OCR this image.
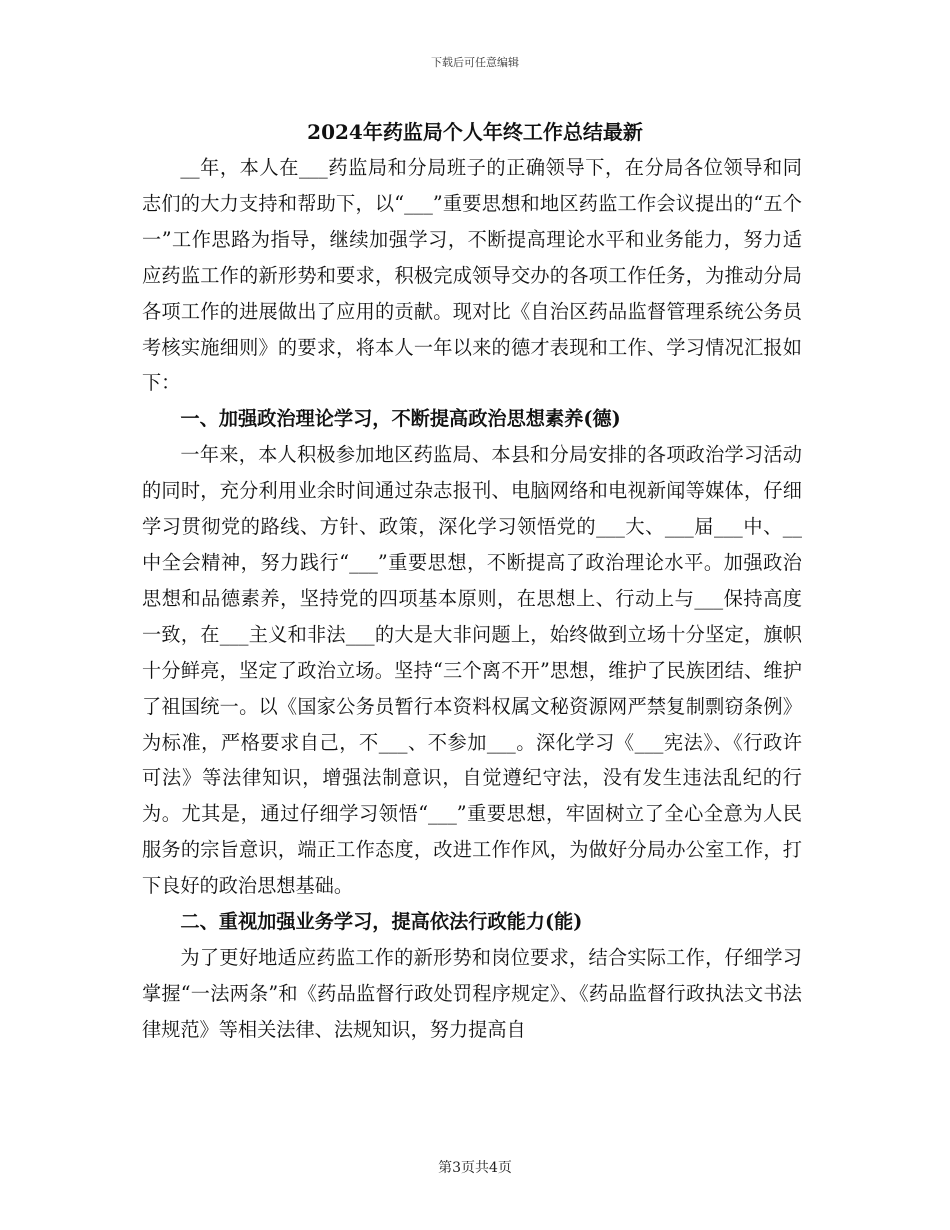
下载后可任意编辑
2024年药监局个人年终工作总结最新

__年，本人在___药监局和分局班子的正确领导下，在分局各位领导和同志们的大力支持和帮助下，以“___”重要思想和地区药监工作会议提出的“五个一”工作思路为指导，继续加强学习，不断提高理论水平和业务能力，努力适应药监工作的新形势和要求，积极完成领导交办的各项工作任务，为推动分局各项工作的进展做出了应用的贡献。现对比《自治区药品监督管理系统公务员考核实施细则》的要求，将本人一年以来的德才表现和工作、学习情况汇报如下：

一、加强政治理论学习，不断提高政治思想素养(德)

一年来，本人积极参加地区药监局、本县和分局安排的各项政治学习活动的同时，充分利用业余时间通过杂志报刊、电脑网络和电视新闻等媒体，仔细学习贯彻党的路线、方针、政策，深化学习领悟党的___大、___届___中、__中全会精神，努力践行“___”重要思想，不断提高了政治理论水平。加强政治思想和品德素养，坚持党的四项基本原则，在思想上、行动上与___保持高度一致，在___主义和非法___的大是大非问题上，始终做到立场十分坚定，旗帜十分鲜亮，坚定了政治立场。坚持“三个离不开”思想，维护了民族团结、维护了祖国统一。以《国家公务员暂行本资料权属文秘资源网严禁复制剽窃条例》为标准，严格要求自己，不___、不参加___。深化学习《___宪法》、《行政许可法》等法律知识，增强法制意识，自觉遵纪守法，没有发生违法乱纪的行为。尤其是，通过仔细学习领悟“___”重要思想，牢固树立了全心全意为人民服务的宗旨意识，端正工作态度，改进工作作风，为做好分局办公室工作，打下良好的政治思想基础。

二、重视加强业务学习，提高依法行政能力(能)

为了更好地适应药监工作的新形势和岗位要求，结合实际工作，仔细学习掌握“一法两条”和《药品监督行政处罚程序规定》、《药品监督行政执法文书法律规范》等相关法律、法规知识，努力提高自

第3页共4页
